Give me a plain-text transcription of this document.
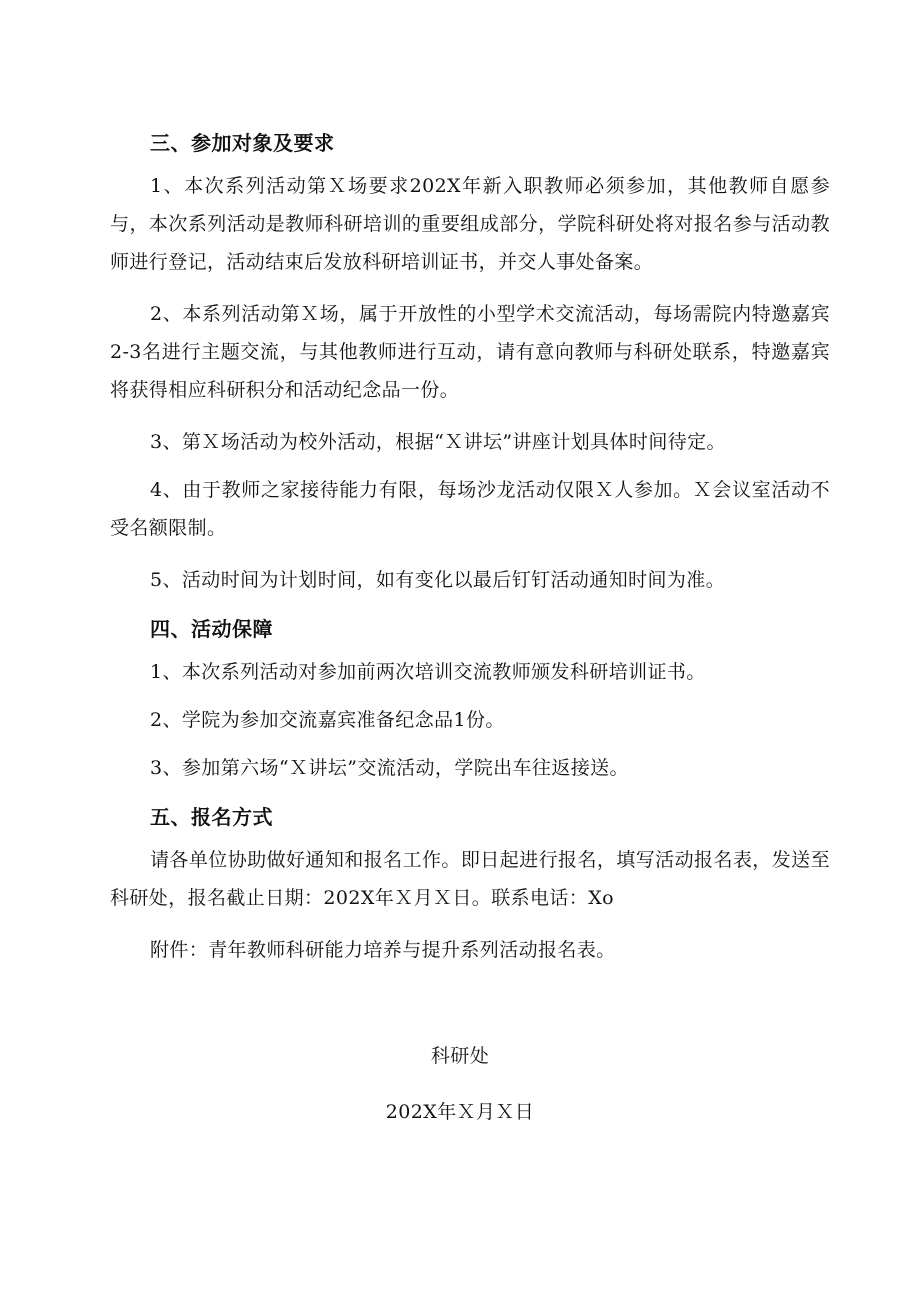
三、参加对象及要求

1、本次系列活动第Ｘ场要求202X年新入职教师必须参加，其他教师自愿参与，本次系列活动是教师科研培训的重要组成部分，学院科研处将对报名参与活动教师进行登记，活动结束后发放科研培训证书，并交人事处备案。

2、本系列活动第Ｘ场，属于开放性的小型学术交流活动，每场需院内特邀嘉宾2-3名进行主题交流，与其他教师进行互动，请有意向教师与科研处联系，特邀嘉宾将获得相应科研积分和活动纪念品一份。

3、第Ｘ场活动为校外活动，根据“Ｘ讲坛”讲座计划具体时间待定。

4、由于教师之家接待能力有限，每场沙龙活动仅限Ｘ人参加。Ｘ会议室活动不受名额限制。

5、活动时间为计划时间，如有变化以最后钉钉活动通知时间为准。

四、活动保障

1、本次系列活动对参加前两次培训交流教师颁发科研培训证书。

2、学院为参加交流嘉宾准备纪念品1份。

3、参加第六场“Ｘ讲坛”交流活动，学院出车往返接送。

五、报名方式

请各单位协助做好通知和报名工作。即日起进行报名，填写活动报名表，发送至科研处，报名截止日期：202X年Ｘ月Ｘ日。联系电话：Xo

附件：青年教师科研能力培养与提升系列活动报名表。

科研处
202X年Ｘ月Ｘ日
